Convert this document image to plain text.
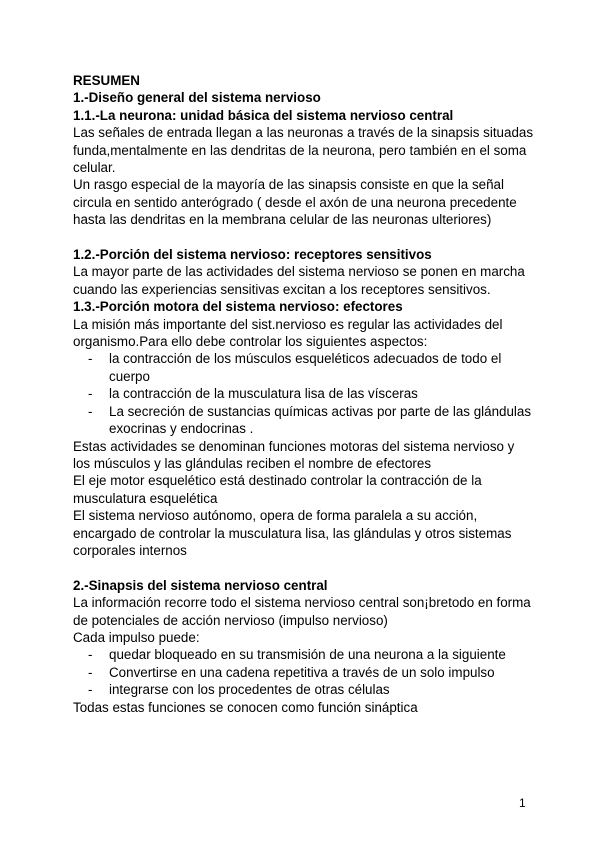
RESUMEN
1.-Diseño general del sistema nervioso
1.1.-La neurona: unidad básica del sistema nervioso central
Las señales de entrada llegan a las neuronas a través de la sinapsis situadas
funda,mentalmente en las dendritas de la neurona, pero también en el soma
celular.
Un rasgo especial de la mayoría de las sinapsis consiste en que la señal
circula en sentido anterógrado ( desde el axón de una neurona precedente
hasta las dendritas en la membrana celular de las neuronas ulteriores)
1.2.-Porción del sistema nervioso: receptores sensitivos
La mayor parte de las actividades del sistema nervioso se ponen en marcha
cuando las experiencias sensitivas excitan a los receptores sensitivos.
1.3.-Porción motora del sistema nervioso: efectores
La misión más importante del sist.nervioso es regular las actividades del
organismo.Para ello debe controlar los siguientes aspectos:
- la contracción de los músculos esqueléticos adecuados de todo el
cuerpo
- la contracción de la musculatura lisa de las vísceras
- La secreción de sustancias químicas activas por parte de las glándulas
exocrinas y endocrinas .
Estas actividades se denominan funciones motoras del sistema nervioso y
los músculos y las glándulas reciben el nombre de efectores
El eje motor esquelético está destinado controlar la contracción de la
musculatura esquelética
El sistema nervioso autónomo, opera de forma paralela a su acción,
encargado de controlar la musculatura lisa, las glándulas y otros sistemas
corporales internos
2.-Sinapsis del sistema nervioso central
La información recorre todo el sistema nervioso central son¡bretodo en forma
de potenciales de acción nervioso (impulso nervioso)
Cada impulso puede:
- quedar bloqueado en su transmisión de una neurona a la siguiente
- Convertirse en una cadena repetitiva a través de un solo impulso
- integrarse con los procedentes de otras células
Todas estas funciones se conocen como función sináptica
1
